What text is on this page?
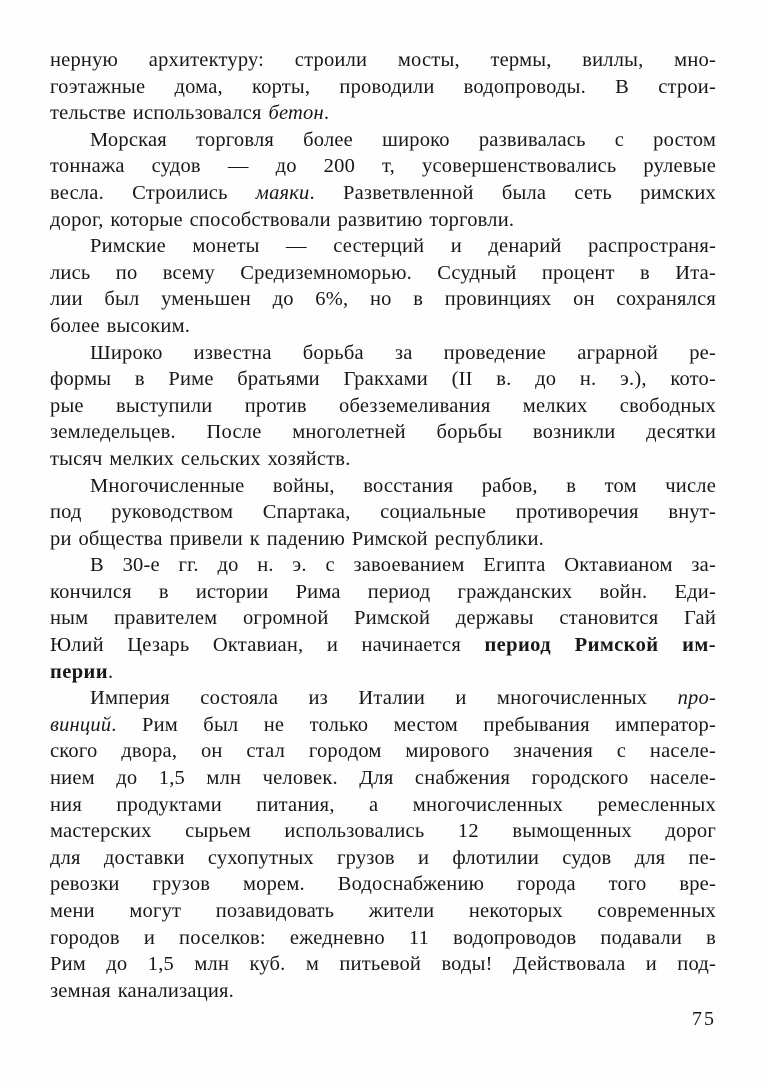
нерную архитектуру: строили мосты, термы, виллы, мно-
гоэтажные дома, корты, проводили водопроводы. В строи-
тельстве использовался бетон.
Морская торговля более широко развивалась с ростом
тоннажа судов — до 200 т, усовершенствовались рулевые
весла. Строились маяки. Разветвленной была сеть римских
дорог, которые способствовали развитию торговли.
Римские монеты — сестерций и денарий распространя-
лись по всему Средиземноморью. Ссудный процент в Ита-
лии был уменьшен до 6%, но в провинциях он сохранялся
более высоким.
Широко известна борьба за проведение аграрной ре-
формы в Риме братьями Гракхами (II в. до н. э.), кото-
рые выступили против обезземеливания мелких свободных
земледельцев. После многолетней борьбы возникли десятки
тысяч мелких сельских хозяйств.
Многочисленные войны, восстания рабов, в том числе
под руководством Спартака, социальные противоречия внут-
ри общества привели к падению Римской республики.
В 30-е гг. до н. э. с завоеванием Египта Октавианом за-
кончился в истории Рима период гражданских войн. Еди-
ным правителем огромной Римской державы становится Гай
Юлий Цезарь Октавиан, и начинается период Римской им-
перии.
Империя состояла из Италии и многочисленных про-
винций. Рим был не только местом пребывания император-
ского двора, он стал городом мирового значения с населе-
нием до 1,5 млн человек. Для снабжения городского населе-
ния продуктами питания, а многочисленных ремесленных
мастерских сырьем использовались 12 вымощенных дорог
для доставки сухопутных грузов и флотилии судов для пе-
ревозки грузов морем. Водоснабжению города того вре-
мени могут позавидовать жители некоторых современных
городов и поселков: ежедневно 11 водопроводов подавали в
Рим до 1,5 млн куб. м питьевой воды! Действовала и под-
земная канализация.
75
